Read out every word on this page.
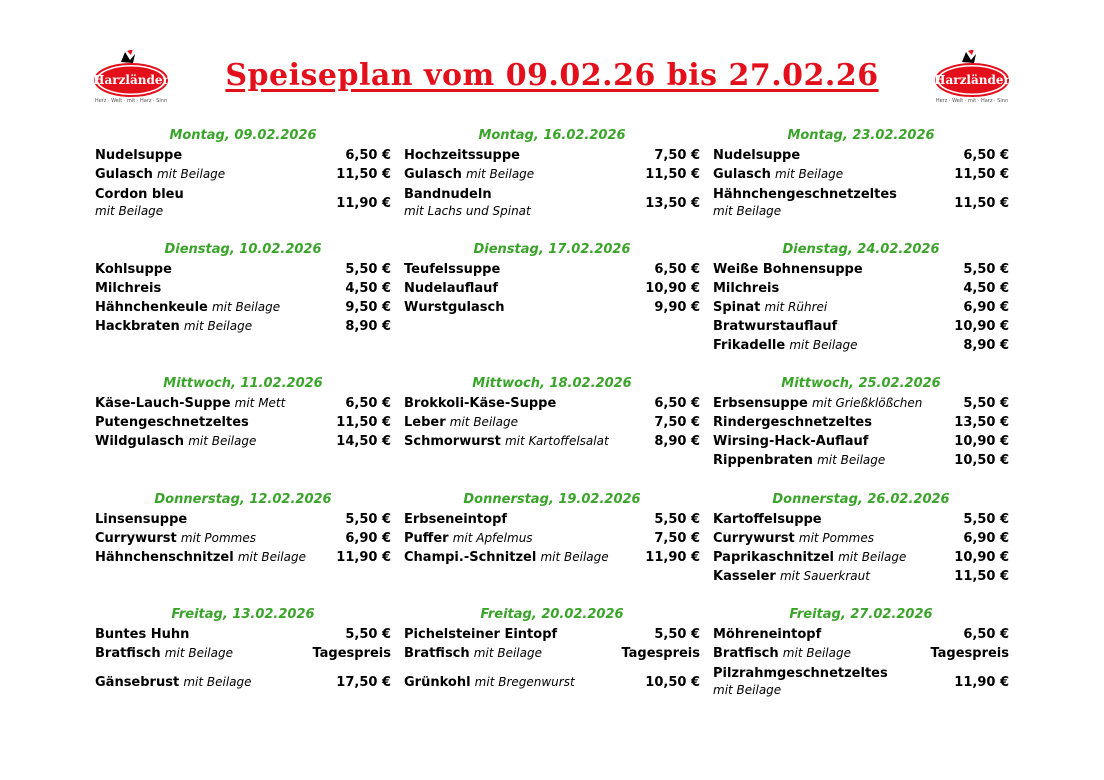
Harzländer
Herz · Welt · mit · Harz · Sinn
Harzländer
Herz · Welt · mit · Harz · Sinn
Speiseplan vom 09.02.26 bis 27.02.26
Montag, 09.02.2026
Nudelsuppe	6,50 €
Gulasch mit Beilage	11,50 €
Cordon bleu
mit Beilage
11,90 €
Dienstag, 10.02.2026
Kohlsuppe	5,50 €
Milchreis	4,50 €
Hähnchenkeule mit Beilage	9,50 €
Hackbraten mit Beilage	8,90 €
Mittwoch, 11.02.2026
Käse-Lauch-Suppe mit Mett	6,50 €
Putengeschnetzeltes	11,50 €
Wildgulasch mit Beilage	14,50 €
Donnerstag, 12.02.2026
Linsensuppe	5,50 €
Currywurst mit Pommes	6,90 €
Hähnchenschnitzel mit Beilage 11,90 €
Freitag, 13.02.2026
Buntes Huhn	5,50 €
Bratfisch mit Beilage	Tagespreis
Gänsebrust mit Beilage	17,50 €
Montag, 16.02.2026
Hochzeitssuppe	7,50 €
Gulasch mit Beilage	11,50 €
Bandnudeln
mit Lachs und Spinat
13,50 €
Dienstag, 17.02.2026
Teufelssuppe	6,50 €
Nudelauflauf	10,90 €
Wurstgulasch	9,90 €
Mittwoch, 18.02.2026
Brokkoli-Käse-Suppe	6,50 €
Leber mit Beilage	7,50 €
Schmorwurst mit Kartoffelsalat	8,90 €
Donnerstag, 19.02.2026
Erbseneintopf	5,50 €
Puffer mit Apfelmus	7,50 €
Champi.-Schnitzel mit Beilage	11,90 €
Freitag, 20.02.2026
Pichelsteiner Eintopf	5,50 €
Bratfisch mit Beilage	Tagespreis
Grünkohl mit Bregenwurst	10,50 €
Montag, 23.02.2026
Nudelsuppe	6,50 €
Gulasch mit Beilage	11,50 €
Hähnchengeschnetzeltes
mit Beilage
11,50 €
Dienstag, 24.02.2026
Weiße Bohnensuppe	5,50 €
Milchreis	4,50 €
Spinat mit Rührei	6,90 €
Bratwurstauflauf	10,90 €
Frikadelle mit Beilage	8,90 €
Mittwoch, 25.02.2026
Erbsensuppe mit Grießklößchen	5,50 €
Rindergeschnetzeltes	13,50 €
Wirsing-Hack-Auflauf	10,90 €
Rippenbraten mit Beilage	10,50 €
Donnerstag, 26.02.2026
Kartoffelsuppe	5,50 €
Currywurst mit Pommes	6,90 €
Paprikaschnitzel mit Beilage	10,90 €
Kasseler mit Sauerkraut	11,50 €
Freitag, 27.02.2026
Möhreneintopf	6,50 €
Bratfisch mit Beilage	Tagespreis
Pilzrahmgeschnetzeltes
mit Beilage
11,90 €
